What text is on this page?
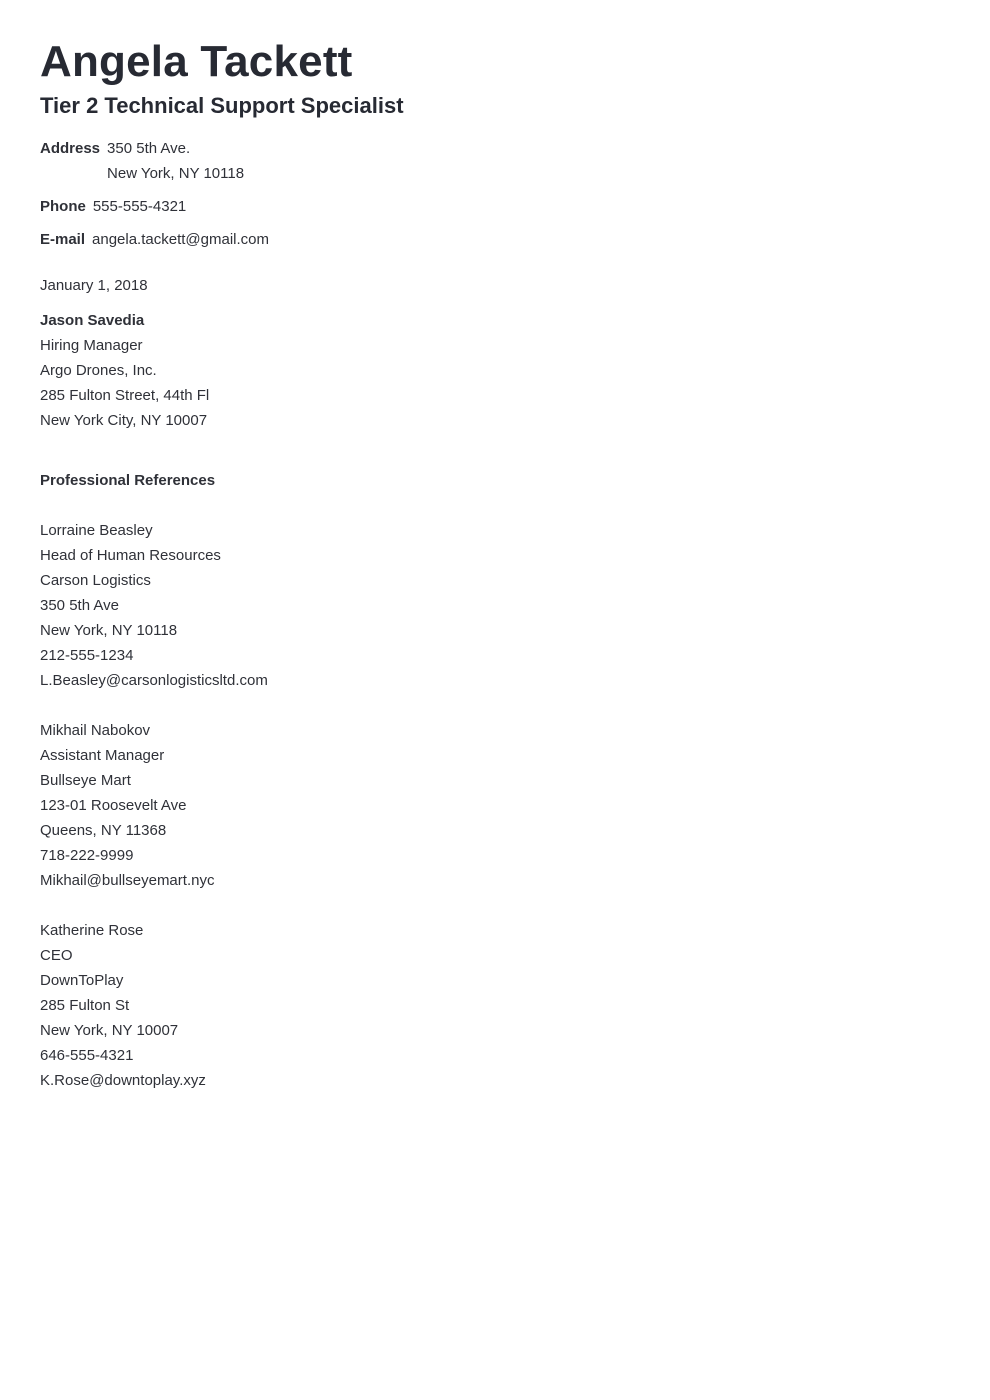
Angela Tackett
Tier 2 Technical Support Specialist
Address 350 5th Ave.
New York, NY 10118
Phone 555-555-4321
E-mail angela.tackett@gmail.com
January 1, 2018
Jason Savedia
Hiring Manager
Argo Drones, Inc.
285 Fulton Street, 44th Fl
New York City, NY 10007
Professional References
Lorraine Beasley
Head of Human Resources
Carson Logistics
350 5th Ave
New York, NY 10118
212-555-1234
L.Beasley@carsonlogisticsltd.com
Mikhail Nabokov
Assistant Manager
Bullseye Mart
123-01 Roosevelt Ave
Queens, NY 11368
718-222-9999
Mikhail@bullseyemart.nyc
Katherine Rose
CEO
DownToPlay
285 Fulton St
New York, NY 10007
646-555-4321
K.Rose@downtoplay.xyz
